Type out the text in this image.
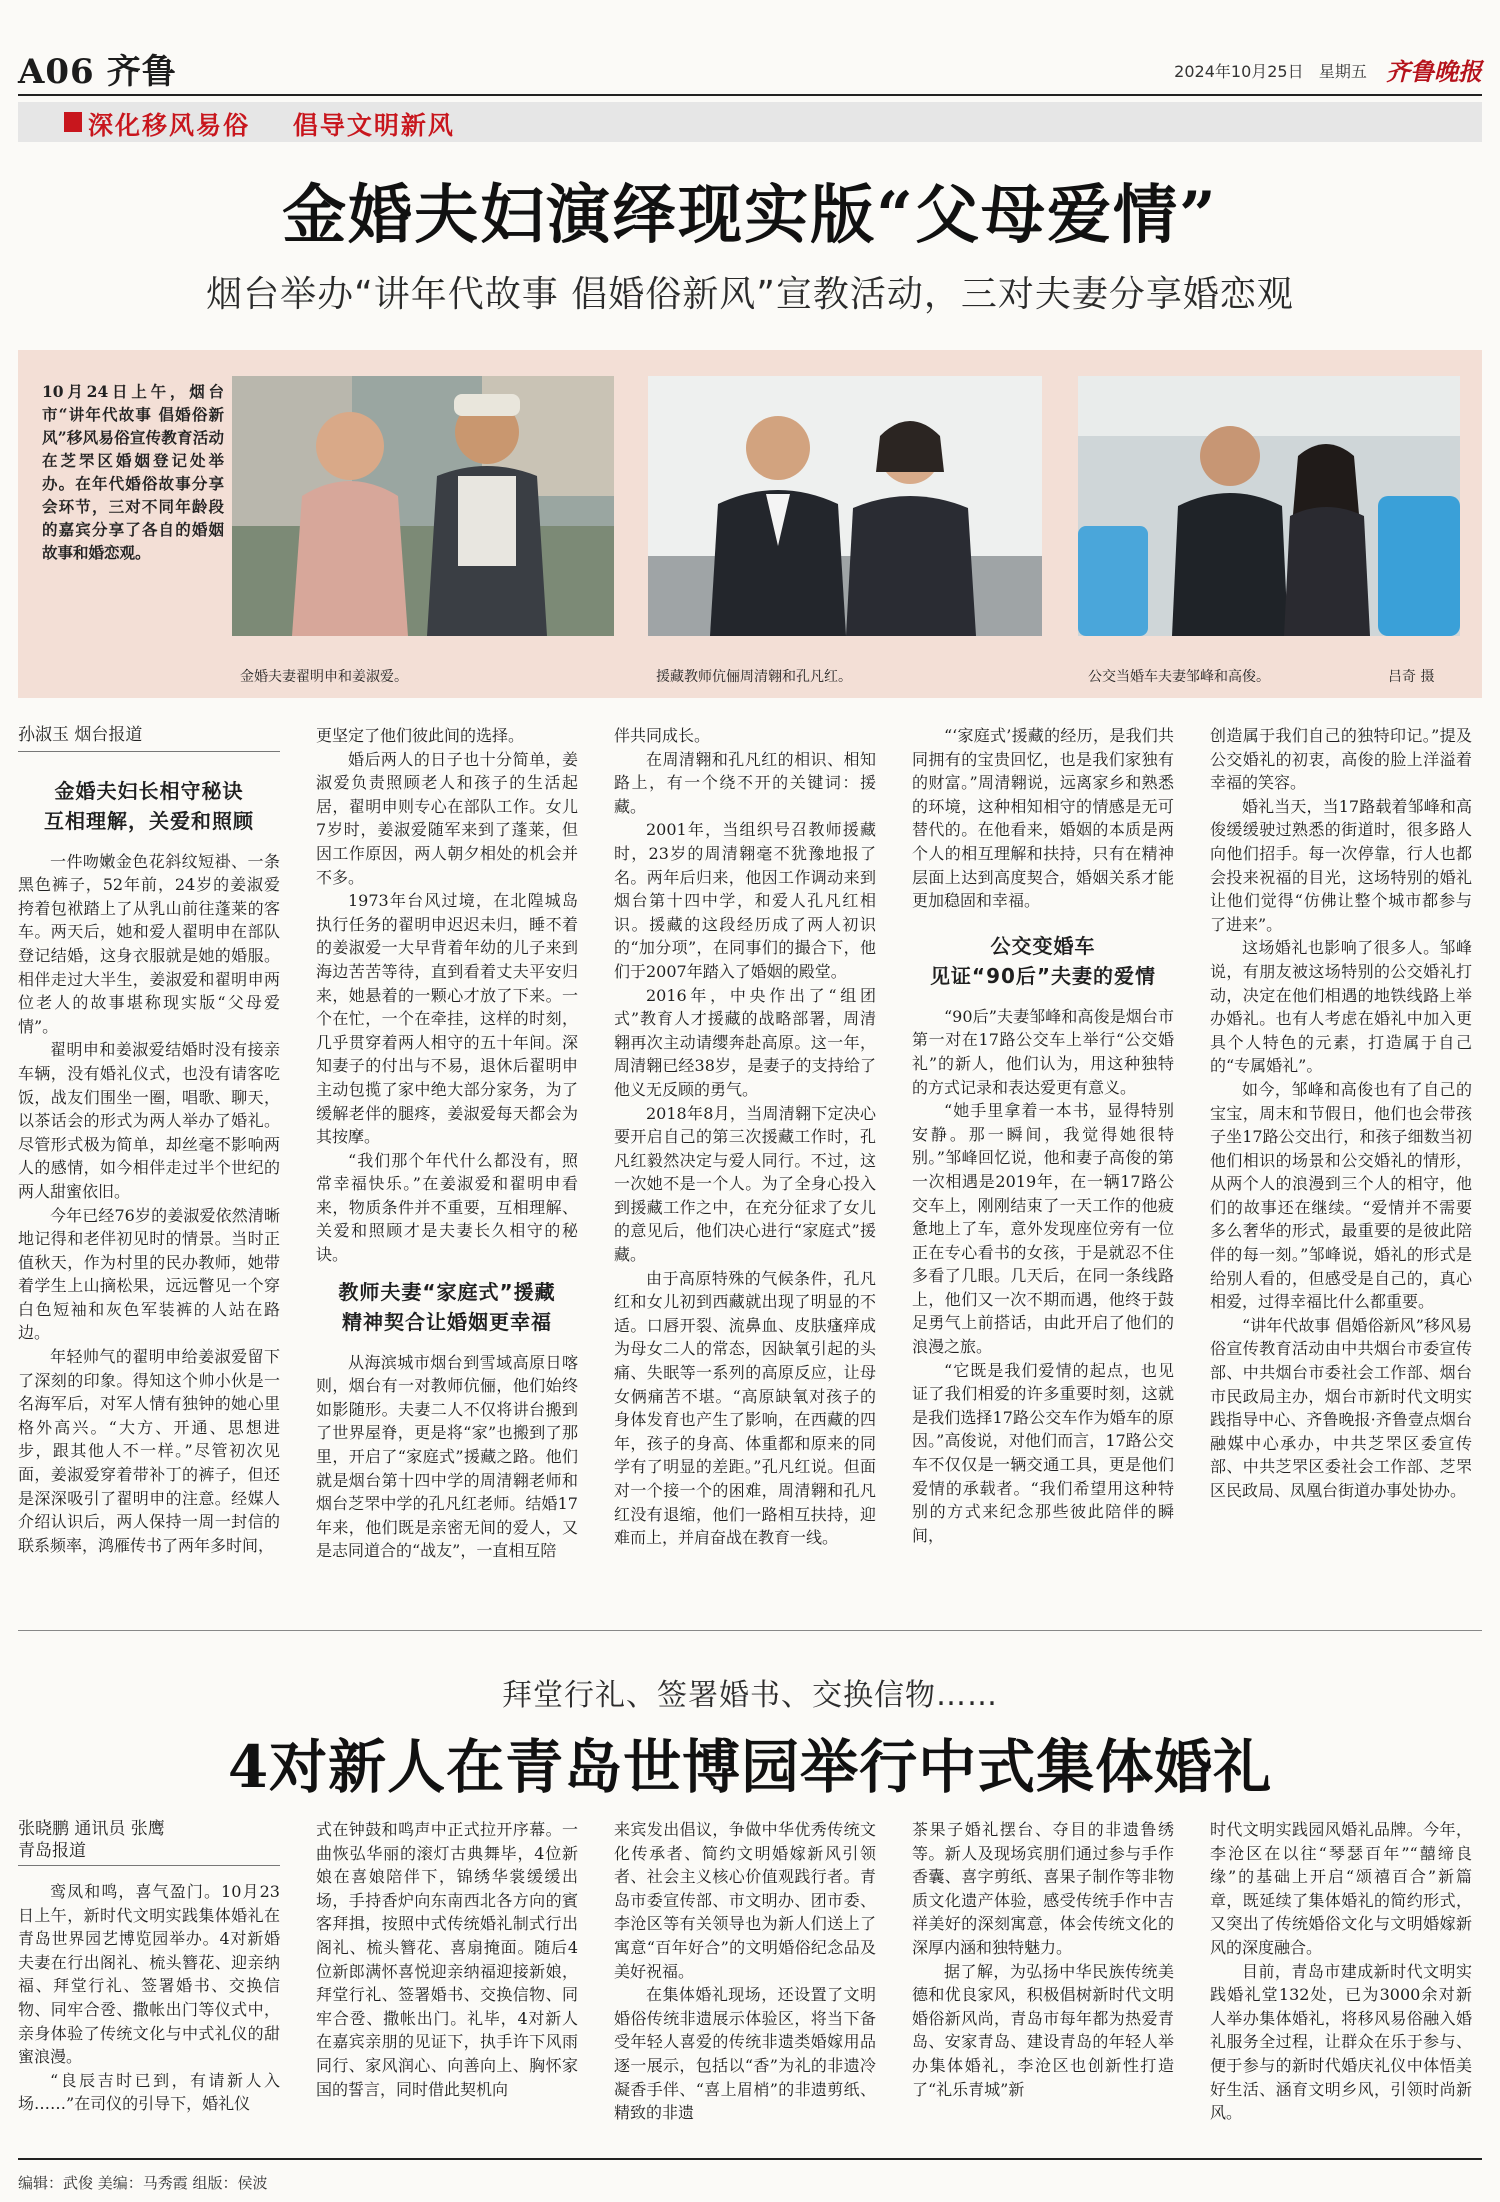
A06 齐鲁	2024年10月25日 星期五 齐鲁晚报
深化移风易俗    倡导文明新风
金婚夫妇演绎现实版“父母爱情”
烟台举办“讲年代故事 倡婚俗新风”宣教活动，三对夫妻分享婚恋观
10月24日上午，烟台市“讲年代故事 倡婚俗新风”移风易俗宣传教育活动在芝罘区婚姻登记处举办。在年代婚俗故事分享会环节，三对不同年龄段的嘉宾分享了各自的婚姻故事和婚恋观。
金婚夫妻翟明申和姜淑爱。	援藏教师伉俪周清翱和孔凡红。	公交当婚车夫妻邹峰和高俊。	吕奇 摄

孙淑玉 烟台报道

金婚夫妇长相守秘诀
互相理解，关爱和照顾

一件吻嫩金色花斜纹短褂、一条黑色裤子，52年前，24岁的姜淑爱挎着包袱踏上了从乳山前往蓬莱的客车。两天后，她和爱人翟明申在部队登记结婚，这身衣服就是她的婚服。相伴走过大半生，姜淑爱和翟明申两位老人的故事堪称现实版“父母爱情”。

翟明申和姜淑爱结婚时没有接亲车辆，没有婚礼仪式，也没有请客吃饭，战友们围坐一圈，唱歌、聊天，以茶话会的形式为两人举办了婚礼。尽管形式极为简单，却丝毫不影响两人的感情，如今相伴走过半个世纪的两人甜蜜依旧。

今年已经76岁的姜淑爱依然清晰地记得和老伴初见时的情景。当时正值秋天，作为村里的民办教师，她带着学生上山摘松果，远远瞥见一个穿白色短袖和灰色军装裤的人站在路边。

年轻帅气的翟明申给姜淑爱留下了深刻的印象。得知这个帅小伙是一名海军后，对军人情有独钟的她心里格外高兴。“大方、开通、思想进步，跟其他人不一样。”尽管初次见面，姜淑爱穿着带补丁的裤子，但还是深深吸引了翟明申的注意。经媒人介绍认识后，两人保持一周一封信的联系频率，鸿雁传书了两年多时间，

更坚定了他们彼此间的选择。

婚后两人的日子也十分简单，姜淑爱负责照顾老人和孩子的生活起居，翟明申则专心在部队工作。女儿7岁时，姜淑爱随军来到了蓬莱，但因工作原因，两人朝夕相处的机会并不多。

1973年台风过境，在北隍城岛执行任务的翟明申迟迟未归，睡不着的姜淑爱一大早背着年幼的儿子来到海边苦苦等待，直到看着丈夫平安归来，她悬着的一颗心才放了下来。一个在忙，一个在牵挂，这样的时刻，几乎贯穿着两人相守的五十年间。深知妻子的付出与不易，退休后翟明申主动包揽了家中绝大部分家务，为了缓解老伴的腿疼，姜淑爱每天都会为其按摩。

“我们那个年代什么都没有，照常幸福快乐。”在姜淑爱和翟明申看来，物质条件并不重要，互相理解、关爱和照顾才是夫妻长久相守的秘诀。

教师夫妻“家庭式”援藏
精神契合让婚姻更幸福

从海滨城市烟台到雪域高原日喀则，烟台有一对教师伉俪，他们始终如影随形。夫妻二人不仅将讲台搬到了世界屋脊，更是将“家”也搬到了那里，开启了“家庭式”援藏之路。他们就是烟台第十四中学的周清翱老师和烟台芝罘中学的孔凡红老师。结婚17年来，他们既是亲密无间的爱人，又是志同道合的“战友”，一直相互陪

伴共同成长。

在周清翱和孔凡红的相识、相知路上，有一个绕不开的关键词：援藏。

2001年，当组织号召教师援藏时，23岁的周清翱毫不犹豫地报了名。两年后归来，他因工作调动来到烟台第十四中学，和爱人孔凡红相识。援藏的这段经历成了两人初识的“加分项”，在同事们的撮合下，他们于2007年踏入了婚姻的殿堂。

2016年，中央作出了“组团式”教育人才援藏的战略部署，周清翱再次主动请缨奔赴高原。这一年，周清翱已经38岁，是妻子的支持给了他义无反顾的勇气。

2018年8月，当周清翱下定决心要开启自己的第三次援藏工作时，孔凡红毅然决定与爱人同行。不过，这一次她不是一个人。为了全身心投入到援藏工作之中，在充分征求了女儿的意见后，他们决心进行“家庭式”援藏。

由于高原特殊的气候条件，孔凡红和女儿初到西藏就出现了明显的不适。口唇开裂、流鼻血、皮肤瘙痒成为母女二人的常态，因缺氧引起的头痛、失眠等一系列的高原反应，让母女俩痛苦不堪。“高原缺氧对孩子的身体发育也产生了影响，在西藏的四年，孩子的身高、体重都和原来的同学有了明显的差距。”孔凡红说。但面对一个接一个的困难，周清翱和孔凡红没有退缩，他们一路相互扶持，迎难而上，并肩奋战在教育一线。

“‘家庭式’援藏的经历，是我们共同拥有的宝贵回忆，也是我们家独有的财富。”周清翱说，远离家乡和熟悉的环境，这种相知相守的情感是无可替代的。在他看来，婚姻的本质是两个人的相互理解和扶持，只有在精神层面上达到高度契合，婚姻关系才能更加稳固和幸福。

公交变婚车
见证“90后”夫妻的爱情

“90后”夫妻邹峰和高俊是烟台市第一对在17路公交车上举行“公交婚礼”的新人，他们认为，用这种独特的方式记录和表达爱更有意义。

“她手里拿着一本书，显得特别安静。那一瞬间，我觉得她很特别。”邹峰回忆说，他和妻子高俊的第一次相遇是2019年，在一辆17路公交车上，刚刚结束了一天工作的他疲惫地上了车，意外发现座位旁有一位正在专心看书的女孩，于是就忍不住多看了几眼。几天后，在同一条线路上，他们又一次不期而遇，他终于鼓足勇气上前搭话，由此开启了他们的浪漫之旅。

“它既是我们爱情的起点，也见证了我们相爱的许多重要时刻，这就是我们选择17路公交车作为婚车的原因。”高俊说，对他们而言，17路公交车不仅仅是一辆交通工具，更是他们爱情的承载者。“我们希望用这种特别的方式来纪念那些彼此陪伴的瞬间，

创造属于我们自己的独特印记。”提及公交婚礼的初衷，高俊的脸上洋溢着幸福的笑容。

婚礼当天，当17路载着邹峰和高俊缓缓驶过熟悉的街道时，很多路人向他们招手。每一次停靠，行人也都会投来祝福的目光，这场特别的婚礼让他们觉得“仿佛让整个城市都参与了进来”。

这场婚礼也影响了很多人。邹峰说，有朋友被这场特别的公交婚礼打动，决定在他们相遇的地铁线路上举办婚礼。也有人考虑在婚礼中加入更具个人特色的元素，打造属于自己的“专属婚礼”。

如今，邹峰和高俊也有了自己的宝宝，周末和节假日，他们也会带孩子坐17路公交出行，和孩子细数当初他们相识的场景和公交婚礼的情形，从两个人的浪漫到三个人的相守，他们的故事还在继续。“爱情并不需要多么奢华的形式，最重要的是彼此陪伴的每一刻。”邹峰说，婚礼的形式是给别人看的，但感受是自己的，真心相爱，过得幸福比什么都重要。

“讲年代故事 倡婚俗新风”移风易俗宣传教育活动由中共烟台市委宣传部、中共烟台市委社会工作部、烟台市民政局主办，烟台市新时代文明实践指导中心、齐鲁晚报·齐鲁壹点烟台融媒中心承办，中共芝罘区委宣传部、中共芝罘区委社会工作部、芝罘区民政局、凤凰台街道办事处协办。

拜堂行礼、签署婚书、交换信物……
4对新人在青岛世博园举行中式集体婚礼

张晓鹏 通讯员 张鹰
青岛报道

鸾凤和鸣，喜气盈门。10月23日上午，新时代文明实践集体婚礼在青岛世界园艺博览园举办。4对新婚夫妻在行出阁礼、梳头簪花、迎亲纳福、拜堂行礼、签署婚书、交换信物、同牢合卺、撒帐出门等仪式中，亲身体验了传统文化与中式礼仪的甜蜜浪漫。

“良辰吉时已到，有请新人入场……”在司仪的引导下，婚礼仪

式在钟鼓和鸣声中正式拉开序幕。一曲恢弘华丽的滚灯古典舞毕，4位新娘在喜娘陪伴下，锦绣华裳缓缓出场，手持香炉向东南西北各方向的賓客拜揖，按照中式传统婚礼制式行出阁礼、梳头簪花、喜扇掩面。随后4位新郎满怀喜悦迎亲纳福迎接新娘，拜堂行礼、签署婚书、交换信物、同牢合卺、撒帐出门。礼毕，4对新人在嘉宾亲朋的见证下，执手许下风雨同行、家风润心、向善向上、胸怀家国的誓言，同时借此契机向

来宾发出倡议，争做中华优秀传统文化传承者、简约文明婚嫁新风引领者、社会主义核心价值观践行者。青岛市委宣传部、市文明办、团市委、李沧区等有关领导也为新人们送上了寓意“百年好合”的文明婚俗纪念品及美好祝福。

在集体婚礼现场，还设置了文明婚俗传统非遗展示体验区，将当下备受年轻人喜爱的传统非遗类婚嫁用品逐一展示，包括以“香”为礼的非遗冷凝香手伴、“喜上眉梢”的非遗剪纸、精致的非遗

茶果子婚礼摆台、夺目的非遗鲁绣等。新人及现场宾朋们通过参与手作香囊、喜字剪纸、喜果子制作等非物质文化遗产体验，感受传统手作中吉祥美好的深刻寓意，体会传统文化的深厚内涵和独特魅力。

据了解，为弘扬中华民族传统美德和优良家风，积极倡树新时代文明婚俗新风尚，青岛市每年都为热爱青岛、安家青岛、建设青岛的年轻人举办集体婚礼，李沧区也创新性打造了“礼乐青城”新

时代文明实践园风婚礼品牌。今年，李沧区在以往“琴瑟百年”“囍缔良缘”的基础上开启“颂禧百合”新篇章，既延续了集体婚礼的简约形式，又突出了传统婚俗文化与文明婚嫁新风的深度融合。

目前，青岛市建成新时代文明实践婚礼堂132处，已为3000余对新人举办集体婚礼，将移风易俗融入婚礼服务全过程，让群众在乐于参与、便于参与的新时代婚庆礼仪中体悟美好生活、涵育文明乡风，引领时尚新风。

编辑：武俊 美编：马秀霞 组版：侯波
